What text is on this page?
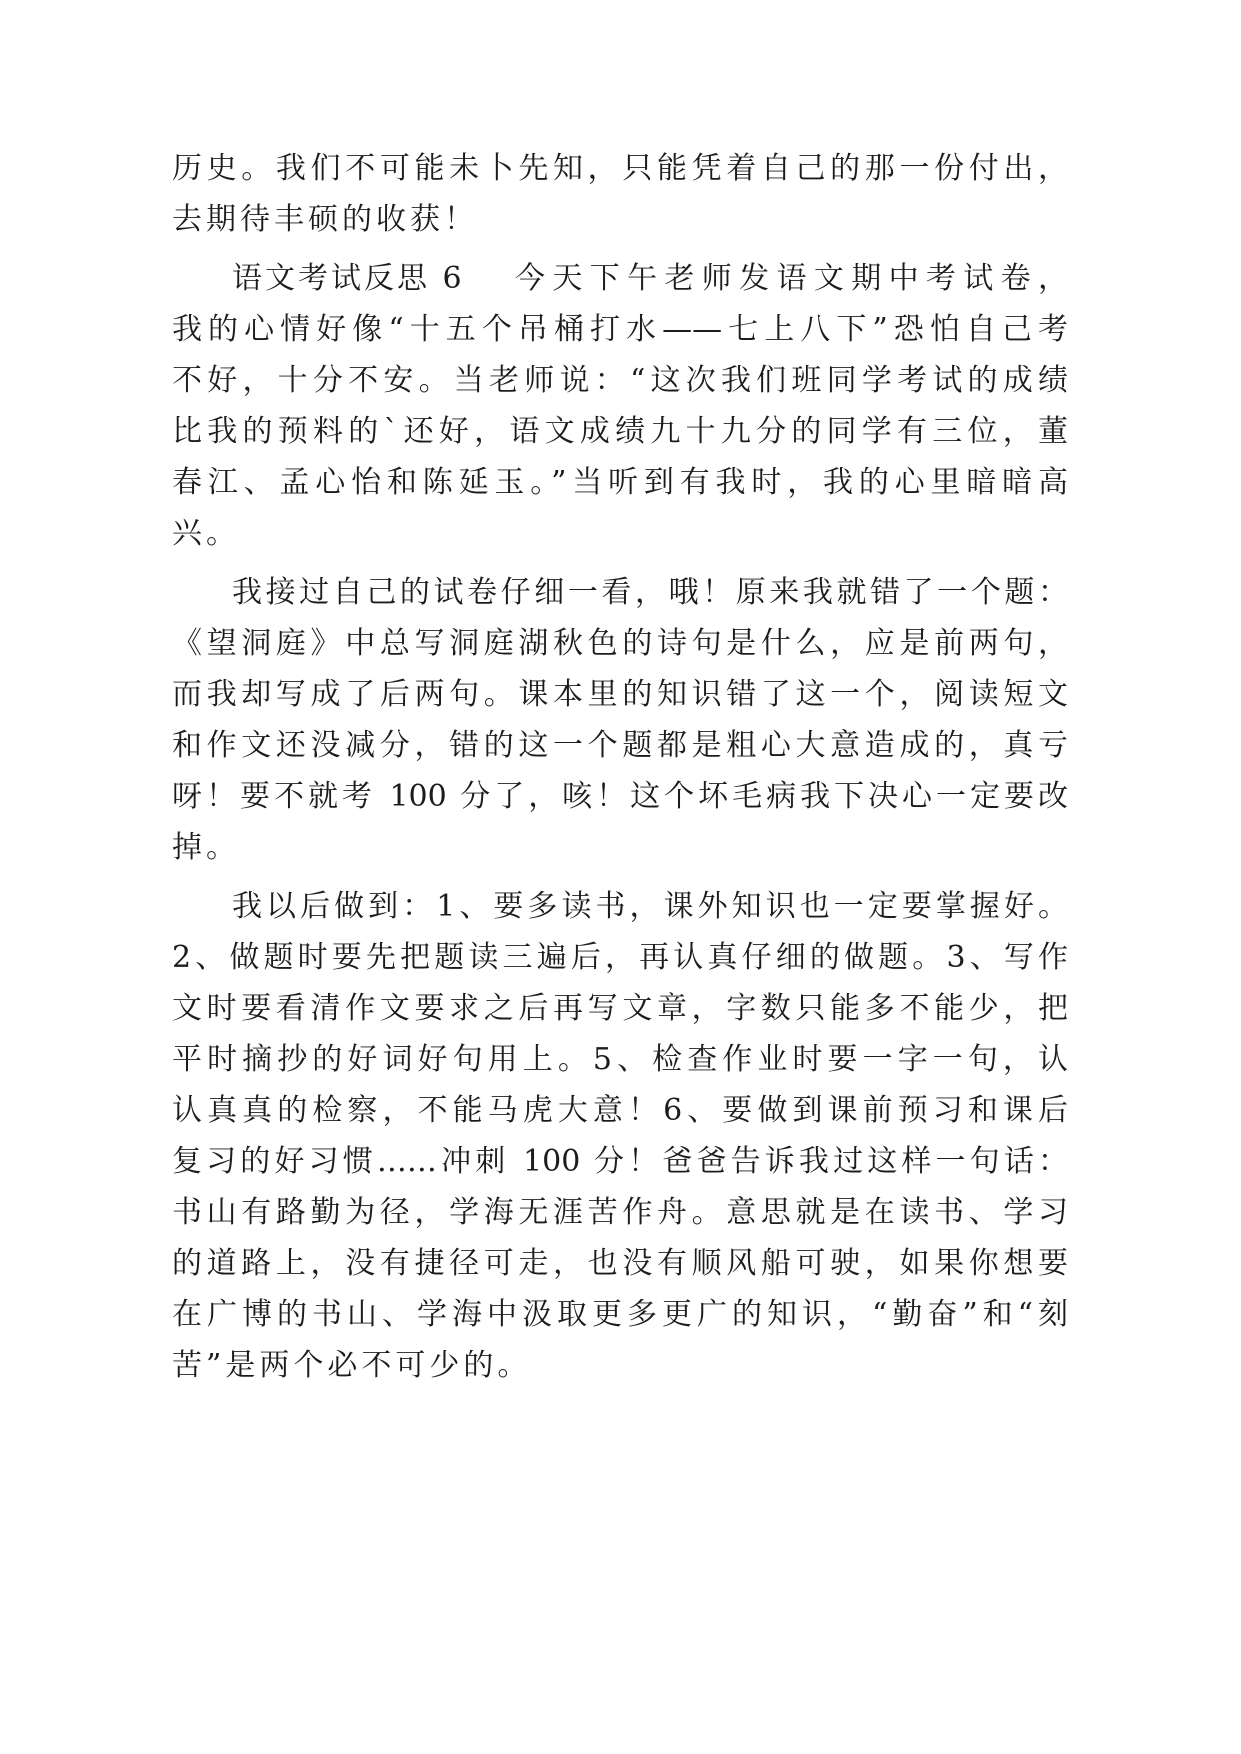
历史。我们不可能未卜先知，只能凭着自己的那一份付出，
去期待丰硕的收获！
语文考试反思 6 今天下午老师发语文期中考试卷，
我的心情好像“十五个吊桶打水——七上八下”恐怕自己考
不好，十分不安。当老师说：“这次我们班同学考试的成绩
比我的预料的`还好，语文成绩九十九分的同学有三位，董
春江、孟心怡和陈延玉。”当听到有我时，我的心里暗暗高
兴。
我接过自己的试卷仔细一看，哦！原来我就错了一个题：
《望洞庭》中总写洞庭湖秋色的诗句是什么，应是前两句，
而我却写成了后两句。课本里的知识错了这一个，阅读短文
和作文还没减分，错的这一个题都是粗心大意造成的，真亏
呀！要不就考 100 分了，咳！这个坏毛病我下决心一定要改
掉。
我以后做到：1、要多读书，课外知识也一定要掌握好。
2、做题时要先把题读三遍后，再认真仔细的做题。3、写作
文时要看清作文要求之后再写文章，字数只能多不能少，把
平时摘抄的好词好句用上。5、检查作业时要一字一句，认
认真真的检察，不能马虎大意！6、要做到课前预习和课后
复习的好习惯……冲刺 100 分！爸爸告诉我过这样一句话：
书山有路勤为径，学海无涯苦作舟。意思就是在读书、学习
的道路上，没有捷径可走，也没有顺风船可驶，如果你想要
在广博的书山、学海中汲取更多更广的知识，“勤奋”和“刻
苦”是两个必不可少的。
